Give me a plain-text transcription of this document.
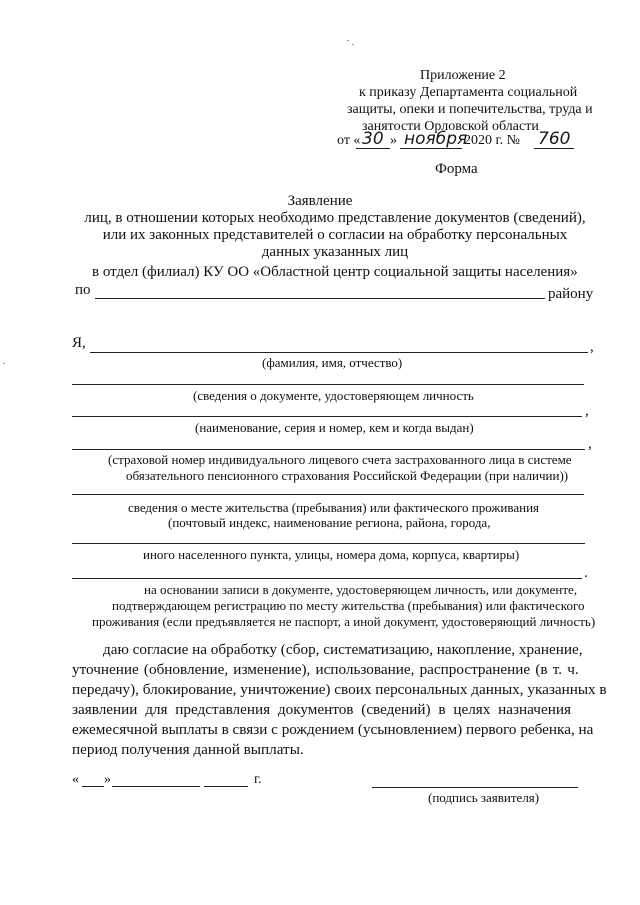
Приложение 2
к приказу Департамента социальной
защиты, опеки и попечительства, труда и
занятости Орловской области
от « 30 » ноября
2020 г. № 760
Форма
Заявление
лиц, в отношении которых необходимо представление документов (сведений),
или их законных представителей о согласии на обработку персональных
данных указанных лиц
в отдел (филиал) КУ ОО «Областной центр социальной защиты населения»
по	району
Я,	,
(фамилия, имя, отчество)
(сведения о документе, удостоверяющем личность
,
(наименование, серия и номер, кем и когда выдан)
,
(страховой номер индивидуального лицевого счета застрахованного лица в системе
обязательного пенсионного страхования Российской Федерации (при наличии))
сведения о месте жительства (пребывания) или фактического проживания
(почтовый индекс, наименование региона, района, города,
иного населенного пункта, улицы, номера дома, корпуса, квартиры)
.
на основании записи в документе, удостоверяющем личность, или документе,
подтверждающем регистрацию по месту жительства (пребывания) или фактического
проживания (если предъявляется не паспорт, а иной документ, удостоверяющий личность)
даю согласие на обработку (сбор, систематизацию, накопление, хранение,
уточнение (обновление, изменение), использование, распространение (в т. ч.
передачу), блокирование, уничтожение) своих персональных данных, указанных в
заявлении для представления документов (сведений) в целях назначения
ежемесячной выплаты в связи с рождением (усыновлением) первого ребенка, на
период получения данной выплаты.
« »	г.
(подпись заявителя)
